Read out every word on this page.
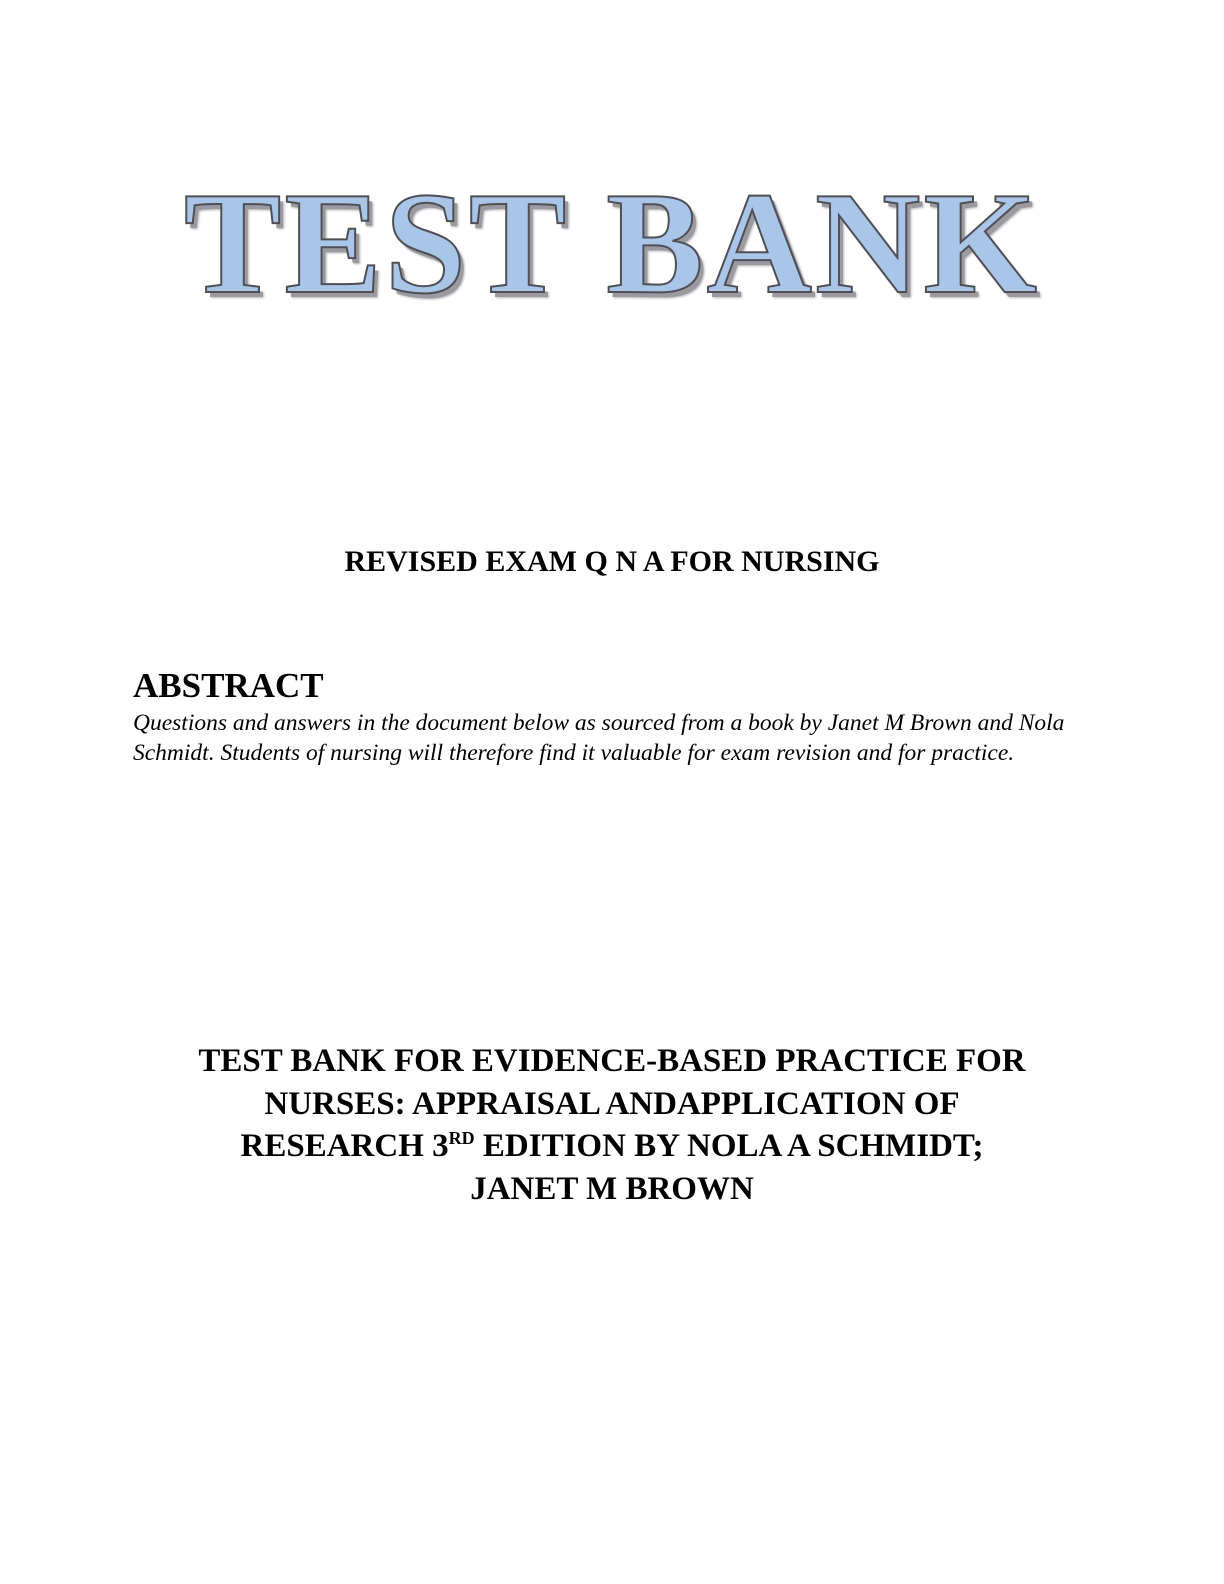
TEST BANK
REVISED EXAM Q N A FOR NURSING
ABSTRACT
Questions and answers in the document below as sourced from a book by Janet M Brown and Nola Schmidt. Students of nursing will therefore find it valuable for exam revision and for practice.
TEST BANK FOR EVIDENCE-BASED PRACTICE FOR
NURSES: APPRAISAL ANDAPPLICATION OF
RESEARCH 3RD EDITION BY NOLA A SCHMIDT;
JANET M BROWN
